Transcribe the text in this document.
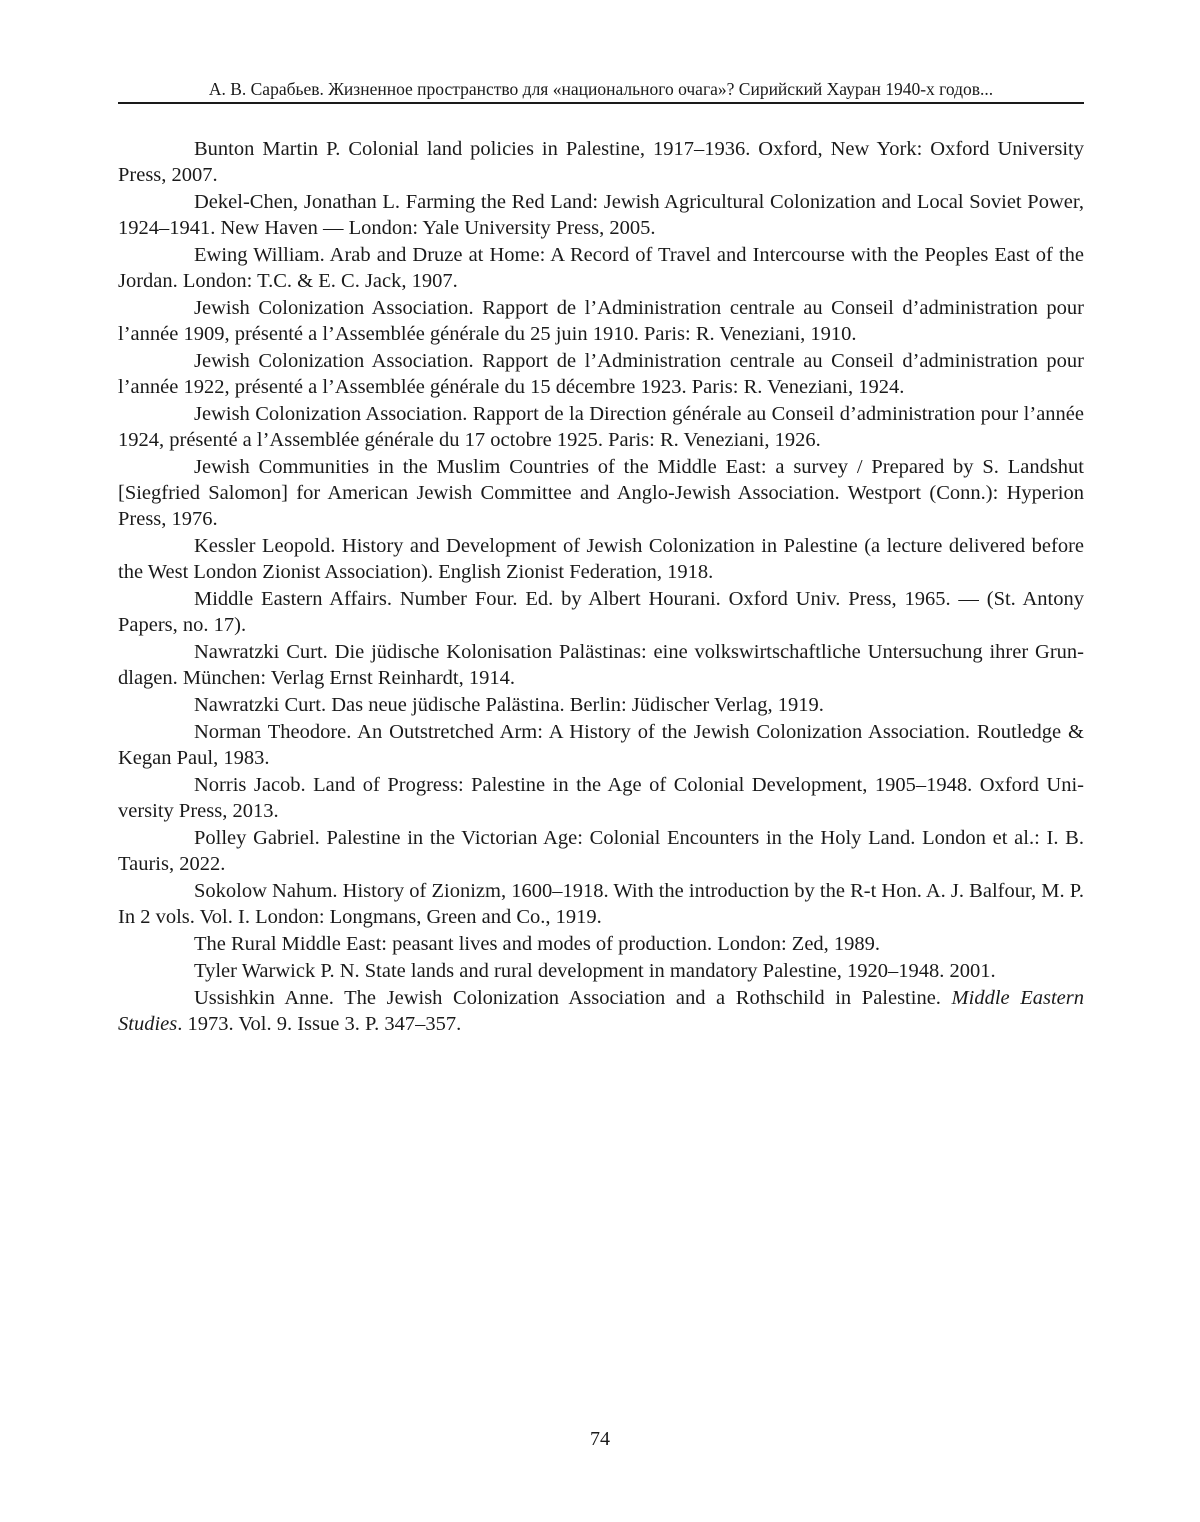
А. В. Сарабьев. Жизненное пространство для «национального очага»? Сирийский Хауран 1940-х годов...

Bunton Martin P. Colonial land policies in Palestine, 1917–1936. Oxford, New York: Oxford University Press, 2007.

Dekel-Chen, Jonathan L. Farming the Red Land: Jewish Agricultural Colonization and Local Soviet Power, 1924–1941. New Haven — London: Yale University Press, 2005.

Ewing William. Arab and Druze at Home: A Record of Travel and Intercourse with the Peoples East of the Jordan. London: T.C. & E. C. Jack, 1907.

Jewish Colonization Association. Rapport de l’Administration centrale au Conseil d’administration pour l’année 1909, présenté a l’Assemblée générale du 25 juin 1910. Paris: R. Veneziani, 1910.

Jewish Colonization Association. Rapport de l’Administration centrale au Conseil d’administration pour l’année 1922, présenté a l’Assemblée générale du 15 décembre 1923. Paris: R. Veneziani, 1924.

Jewish Colonization Association. Rapport de la Direction générale au Conseil d’administration pour l’année 1924, présenté a l’Assemblée générale du 17 octobre 1925. Paris: R. Veneziani, 1926.

Jewish Communities in the Muslim Countries of the Middle East: a survey / Prepared by S. Landshut [Siegfried Salomon] for American Jewish Committee and Anglo-Jewish Association. Westport (Conn.): Hyperion Press, 1976.

Kessler Leopold. History and Development of Jewish Colonization in Palestine (a lecture delivered before the West London Zionist Association). English Zionist Federation, 1918.

Middle Eastern Affairs. Number Four. Ed. by Albert Hourani. Oxford Univ. Press, 1965. — (St. Antony Papers, no. 17).

Nawratzki Curt. Die jüdische Kolonisation Palästinas: eine volkswirtschaftliche Untersuchung ihrer Grundlagen. München: Verlag Ernst Reinhardt, 1914.

Nawratzki Curt. Das neue jüdische Palästina. Berlin: Jüdischer Verlag, 1919.

Norman Theodore. An Outstretched Arm: A History of the Jewish Colonization Association. Routledge & Kegan Paul, 1983.

Norris Jacob. Land of Progress: Palestine in the Age of Colonial Development, 1905–1948. Oxford University Press, 2013.

Polley Gabriel. Palestine in the Victorian Age: Colonial Encounters in the Holy Land. London et al.: I. B. Tauris, 2022.

Sokolow Nahum. History of Zionizm, 1600–1918. With the introduction by the R-t Hon. A. J. Balfour, M. P. In 2 vols. Vol. I. London: Longmans, Green and Co., 1919.

The Rural Middle East: peasant lives and modes of production. London: Zed, 1989.

Tyler Warwick P. N. State lands and rural development in mandatory Palestine, 1920–1948. 2001.

Ussishkin Anne. The Jewish Colonization Association and a Rothschild in Palestine. Middle Eastern Studies. 1973. Vol. 9. Issue 3. P. 347–357.

74
